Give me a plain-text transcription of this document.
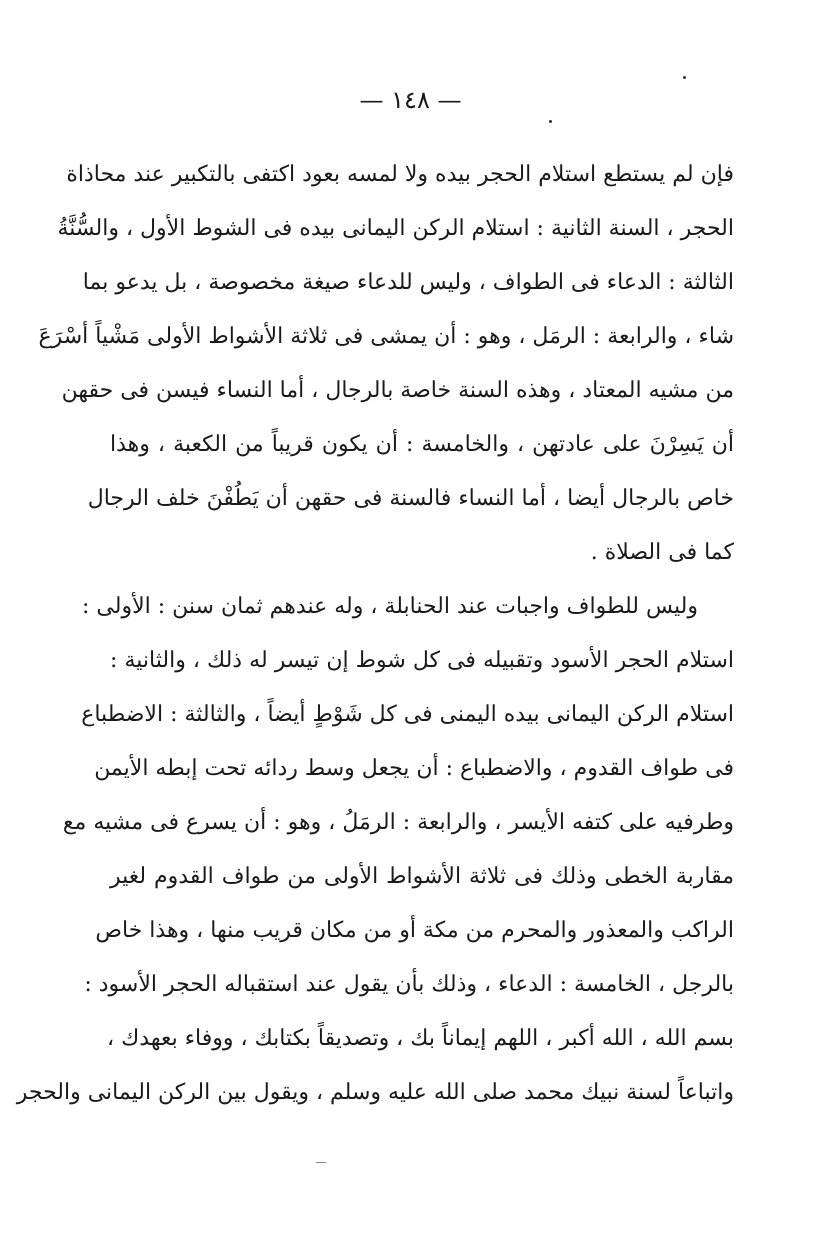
— ١٤٨ —
فإن لم يستطع استلام الحجر بيده ولا لمسه بعود اكتفى بالتكبير عند محاذاة
الحجر ، السنة الثانية : استلام الركن اليمانى بيده فى الشوط الأول ، والسُّنَّةُ
الثالثة : الدعاء فى الطواف ، وليس للدعاء صيغة مخصوصة ، بل يدعو بما
شاء ، والرابعة : الرمَل ، وهو : أن يمشى فى ثلاثة الأشواط الأولى مَشْياً أسْرَعَ
من مشيه المعتاد ، وهذه السنة خاصة بالرجال ، أما النساء فيسن فى حقهن
أن يَسِرْنَ على عادتهن ، والخامسة : أن يكون قريباً من الكعبة ، وهذا
خاص بالرجال أيضا ، أما النساء فالسنة فى حقهن أن يَطُفْنَ خلف الرجال
كما فى الصلاة .
وليس للطواف واجبات عند الحنابلة ، وله عندهم ثمان سنن : الأولى :
استلام الحجر الأسود وتقبيله فى كل شوط إن تيسر له ذلك ، والثانية :
استلام الركن اليمانى بيده اليمنى فى كل شَوْطٍ أيضاً ، والثالثة : الاضطباع
فى طواف القدوم ، والاضطباع : أن يجعل وسط ردائه تحت إبطه الأيمن
وطرفيه على كتفه الأيسر ، والرابعة : الرمَلُ ، وهو : أن يسرع فى مشيه مع
مقاربة الخطى وذلك فى ثلاثة الأشواط الأولى من طواف القدوم لغير
الراكب والمعذور والمحرم من مكة أو من مكان قريب منها ، وهذا خاص
بالرجل ، الخامسة : الدعاء ، وذلك بأن يقول عند استقباله الحجر الأسود :
بسم الله ، الله أكبر ، اللهم إيماناً بك ، وتصديقاً بكتابك ، ووفاء بعهدك ،
واتباعاً لسنة نبيك محمد صلى الله عليه وسلم ، ويقول بين الركن اليمانى والحجر
